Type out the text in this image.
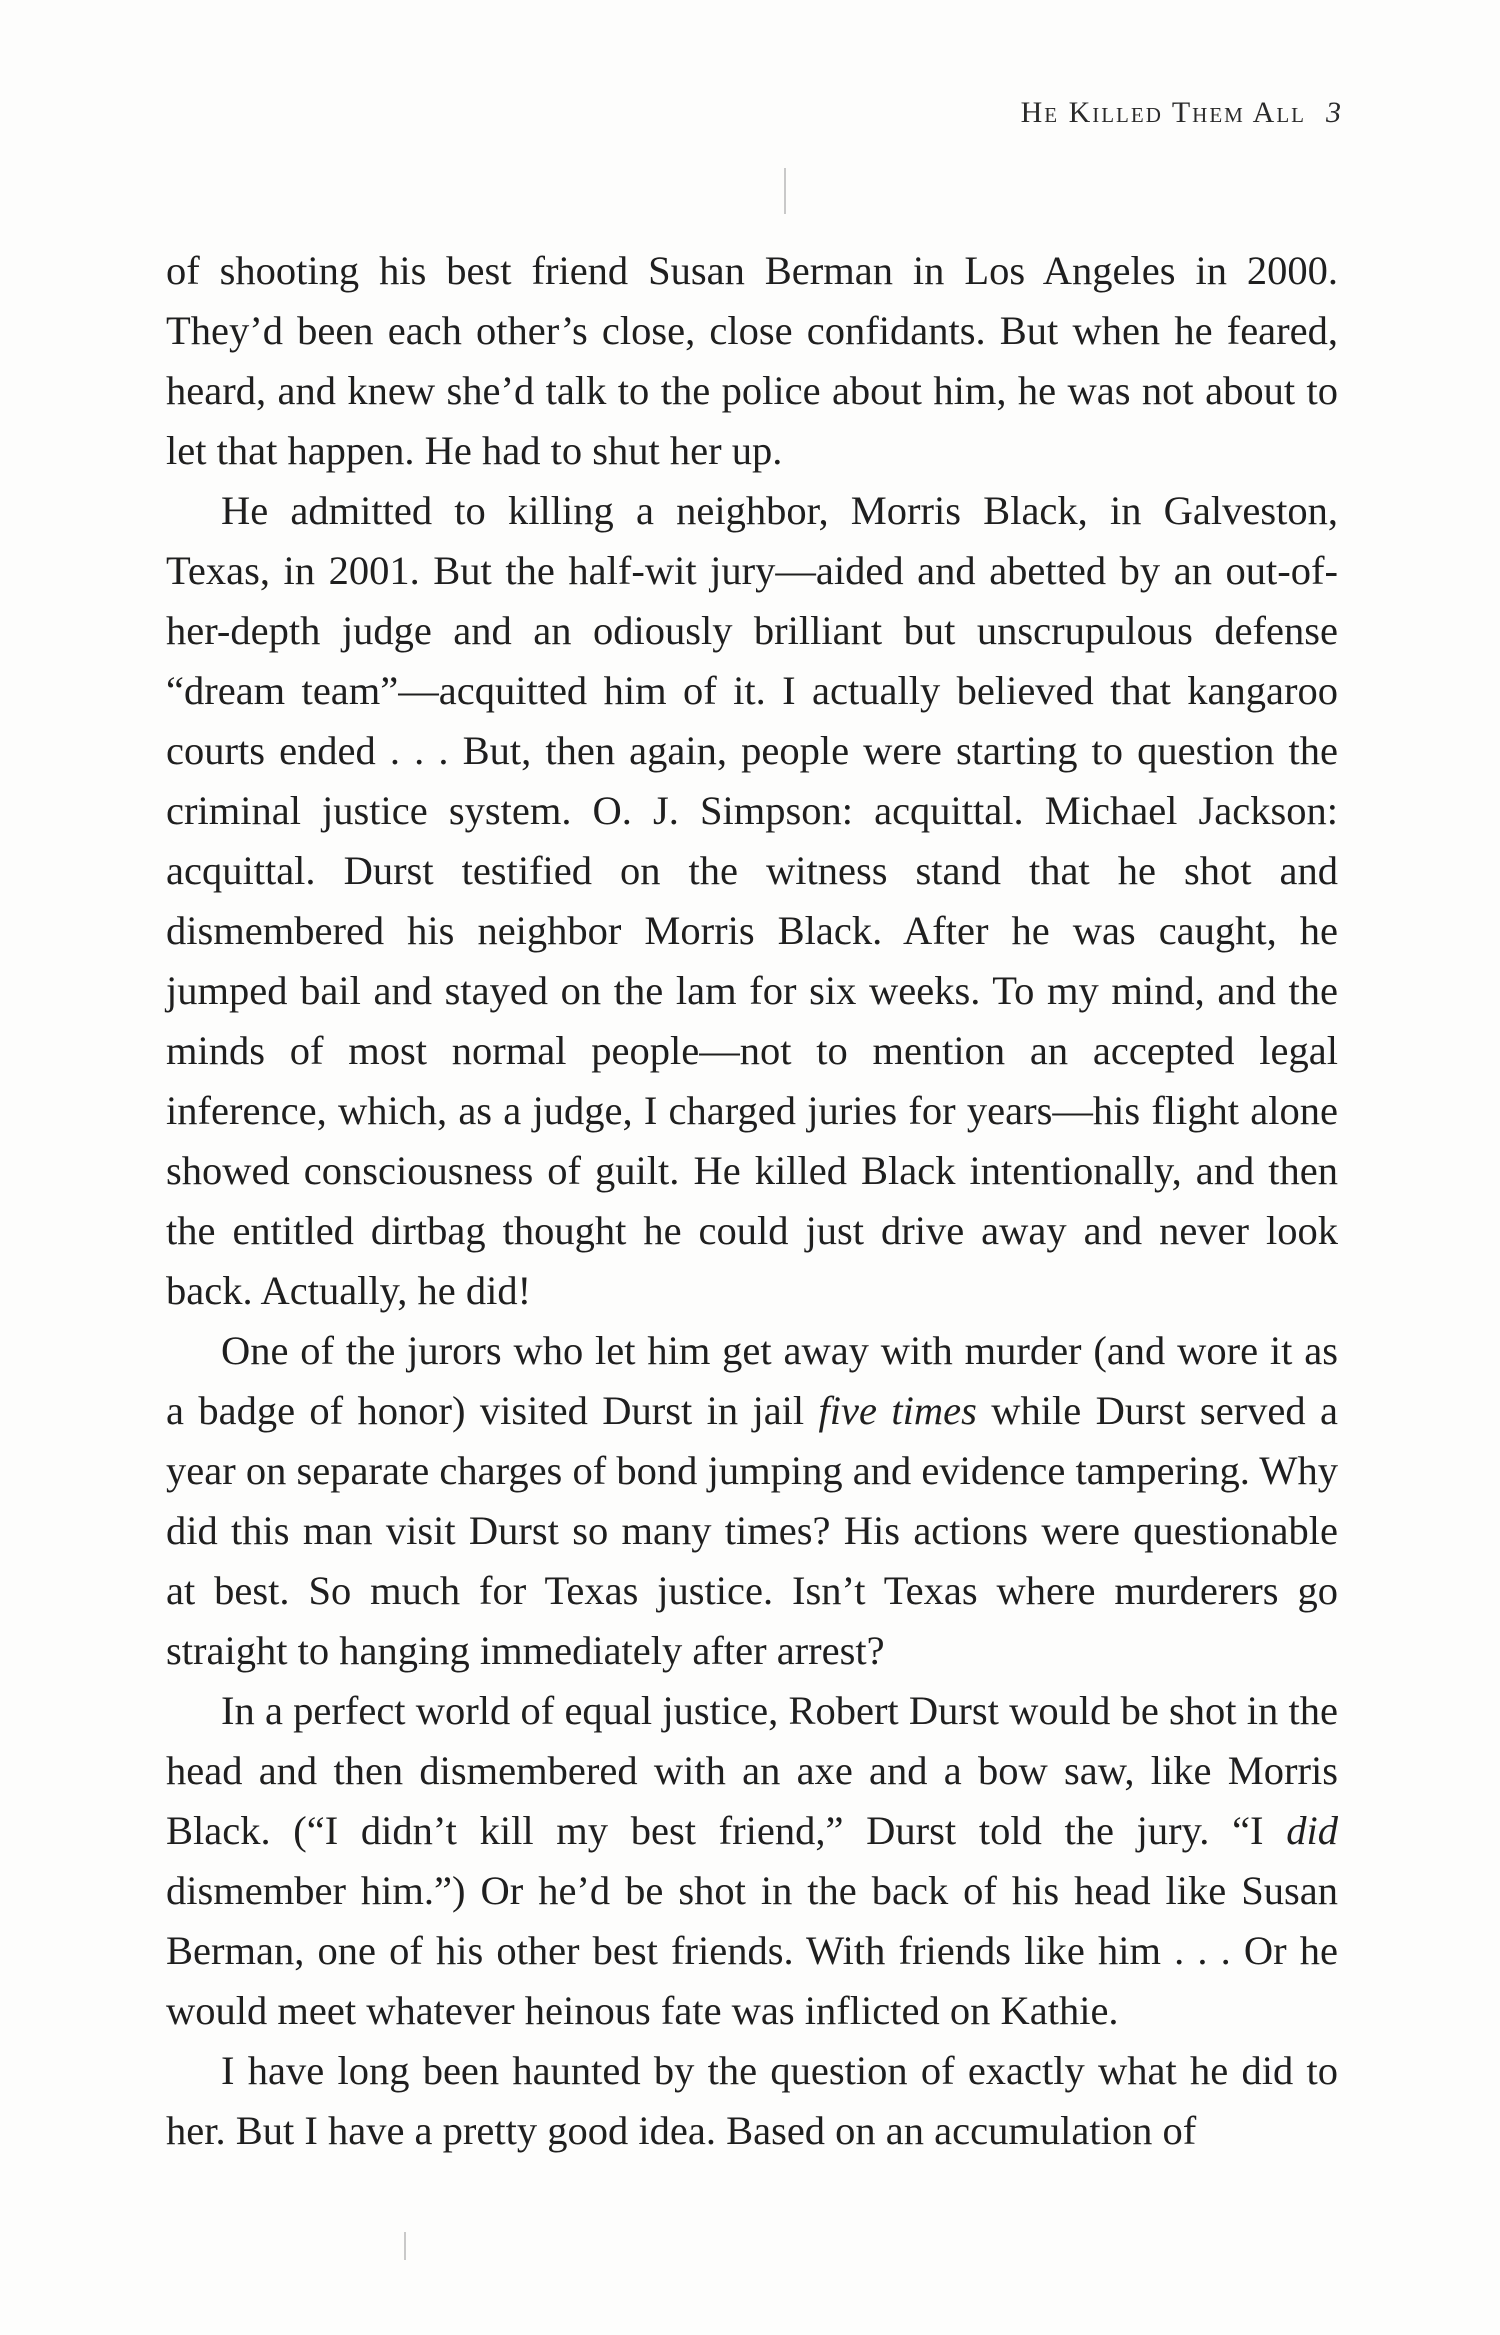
He Killed Them All 3

of shooting his best friend Susan Berman in Los Angeles in 2000. They’d been each other’s close, close confidants. But when he feared, heard, and knew she’d talk to the police about him, he was not about to let that happen. He had to shut her up.

He admitted to killing a neighbor, Morris Black, in Galveston, Texas, in 2001. But the half-wit jury—aided and abetted by an out-of-her-depth judge and an odiously brilliant but unscrupulous defense “dream team”—acquitted him of it. I actually believed that kangaroo courts ended . . . But, then again, people were starting to question the criminal justice system. O. J. Simpson: acquittal. Michael Jackson: acquittal. Durst testified on the witness stand that he shot and dismembered his neighbor Morris Black. After he was caught, he jumped bail and stayed on the lam for six weeks. To my mind, and the minds of most normal people—not to mention an accepted legal inference, which, as a judge, I charged juries for years—his flight alone showed consciousness of guilt. He killed Black intentionally, and then the entitled dirtbag thought he could just drive away and never look back. Actually, he did!

One of the jurors who let him get away with murder (and wore it as a badge of honor) visited Durst in jail five times while Durst served a year on separate charges of bond jumping and evidence tampering. Why did this man visit Durst so many times? His actions were questionable at best. So much for Texas justice. Isn’t Texas where murderers go straight to hanging immediately after arrest?

In a perfect world of equal justice, Robert Durst would be shot in the head and then dismembered with an axe and a bow saw, like Morris Black. (“I didn’t kill my best friend,” Durst told the jury. “I did dismember him.”) Or he’d be shot in the back of his head like Susan Berman, one of his other best friends. With friends like him . . . Or he would meet whatever heinous fate was inflicted on Kathie.

I have long been haunted by the question of exactly what he did to her. But I have a pretty good idea. Based on an accumulation of
